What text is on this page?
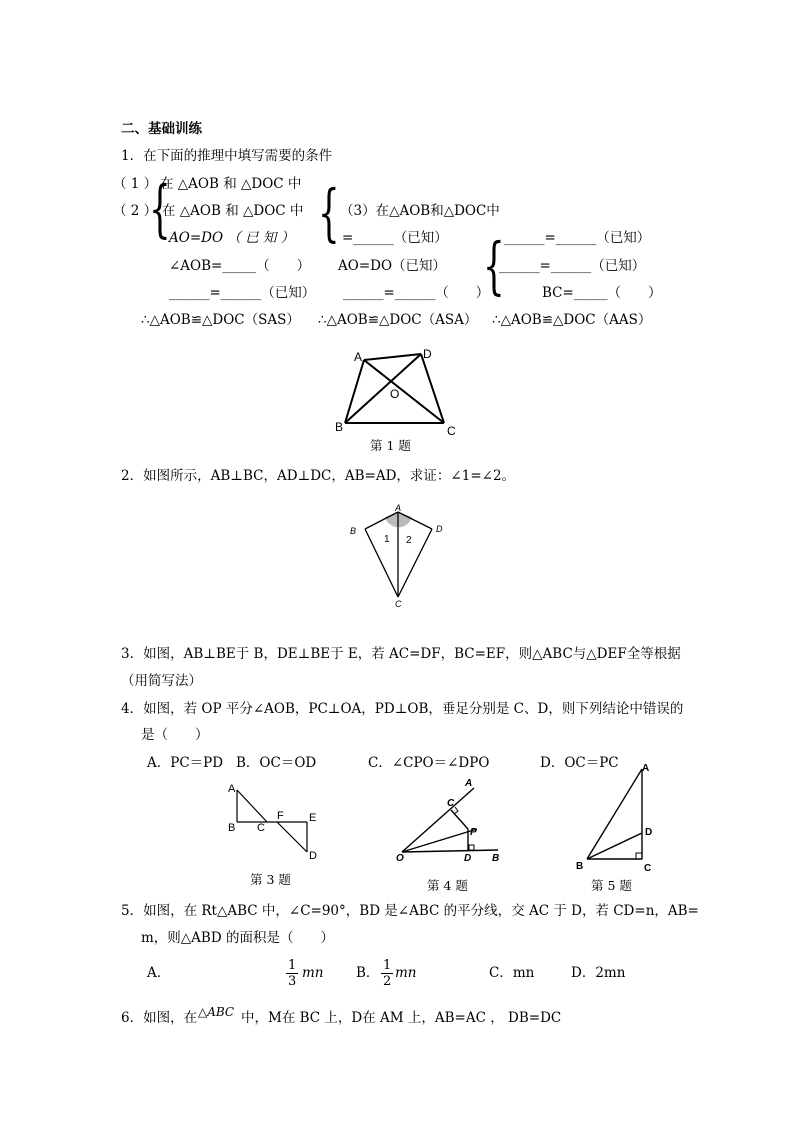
二、基础训练
1．在下面的推理中填写需要的条件
（ 1 ） 在 △AOB 和 △DOC 中
（ 2 ）
{
在 △AOB 和 △DOC 中
AO=DO （ 已 知 ）
∠AOB=_____（　　）
______=______（已知）
{ （3）在△AOB和△DOC中
=______（已知）
AO=DO（已知）
______=______（　　）
{ ______=______（已知）
______=______（已知）
BC=_____（　　）
∴△AOB≌△DOC（SAS） ∴△AOB≌△DOC（ASA） ∴△AOB≌△DOC（AAS）
A	D
O
B	C
第 1 题
2．如图所示，AB⊥BC，AD⊥DC，AB=AD，求证：∠1=∠2。
A
B	D
C
1 2
3．如图，AB⊥BE于 B，DE⊥BE于 E，若 AC=DF，BC=EF，则△ABC与△DEF全等根据
（用简写法）
4．如图，若 OP 平分∠AOB，PC⊥OA，PD⊥OB，垂足分别是 C、D，则下列结论中错误的
是（　　）
A．PC＝PD B．OC＝OD	C．∠CPO＝∠DPO	D．OC＝PC
A
B C
F E
D
第 3 题
A
C
P
O	D B
第 4 题
A
D
B	C
第 5 题
5．如图，在 Rt△ABC 中，∠C=90°，BD 是∠ABC 的平分线，交 AC 于 D，若 CD=n，AB=
m，则△ABD 的面积是（　　）
A．	$\frac{1}{3}$ mn B． $\frac{1}{2}$ mn	C．mn	D．2mn
6．如图，在 △ABC 中，M在 BC 上，D在 AM 上，AB=AC ， DB=DC
